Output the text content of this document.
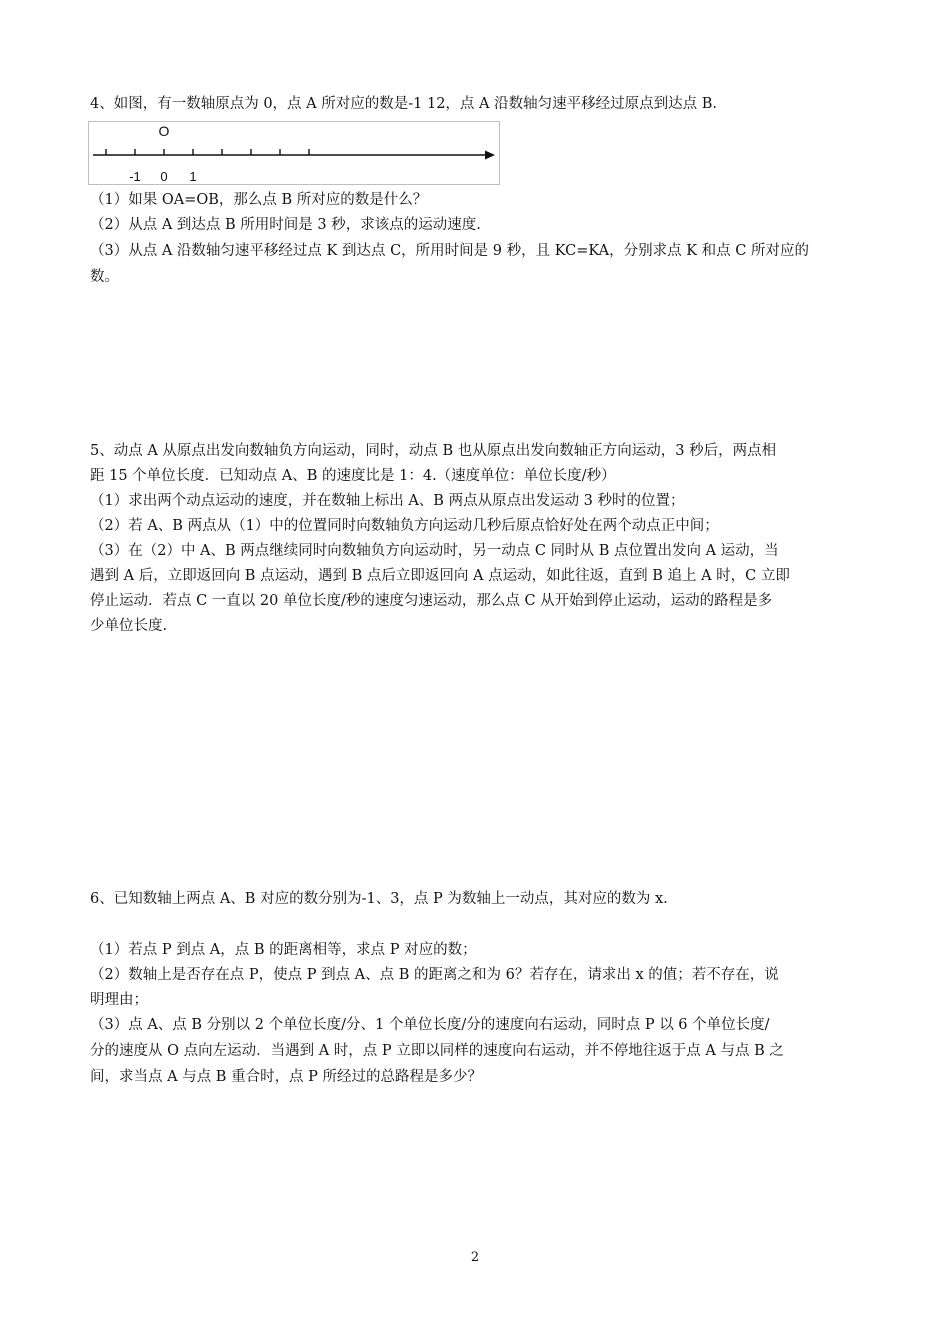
4、如图，有一数轴原点为 0，点 A 所对应的数是-1 12，点 A 沿数轴匀速平移经过原点到达点 B.
O
-1 0 1
（1）如果 OA=OB，那么点 B 所对应的数是什么？
（2）从点 A 到达点 B 所用时间是 3 秒，求该点的运动速度.
（3）从点 A 沿数轴匀速平移经过点 K 到达点 C，所用时间是 9 秒，且 KC=KA，分别求点 K 和点 C 所对应的
数。
5、动点 A 从原点出发向数轴负方向运动，同时，动点 B 也从原点出发向数轴正方向运动，3 秒后，两点相
距 15 个单位长度．已知动点 A、B 的速度比是 1：4.（速度单位：单位长度/秒）
（1）求出两个动点运动的速度，并在数轴上标出 A、B 两点从原点出发运动 3 秒时的位置；
（2）若 A、B 两点从（1）中的位置同时向数轴负方向运动几秒后原点恰好处在两个动点正中间；
（3）在（2）中 A、B 两点继续同时向数轴负方向运动时，另一动点 C 同时从 B 点位置出发向 A 运动，当
遇到 A 后，立即返回向 B 点运动，遇到 B 点后立即返回向 A 点运动，如此往返，直到 B 追上 A 时，C 立即
停止运动．若点 C 一直以 20 单位长度/秒的速度匀速运动，那么点 C 从开始到停止运动，运动的路程是多
少单位长度.
6、已知数轴上两点 A、B 对应的数分别为-1、3，点 P 为数轴上一动点，其对应的数为 x.
（1）若点 P 到点 A，点 B 的距离相等，求点 P 对应的数；
（2）数轴上是否存在点 P，使点 P 到点 A、点 B 的距离之和为 6？若存在，请求出 x 的值；若不存在，说
明理由；
（3）点 A、点 B 分别以 2 个单位长度/分、1 个单位长度/分的速度向右运动，同时点 P 以 6 个单位长度/
分的速度从 O 点向左运动．当遇到 A 时，点 P 立即以同样的速度向右运动，并不停地往返于点 A 与点 B 之
间，求当点 A 与点 B 重合时，点 P 所经过的总路程是多少？
2
